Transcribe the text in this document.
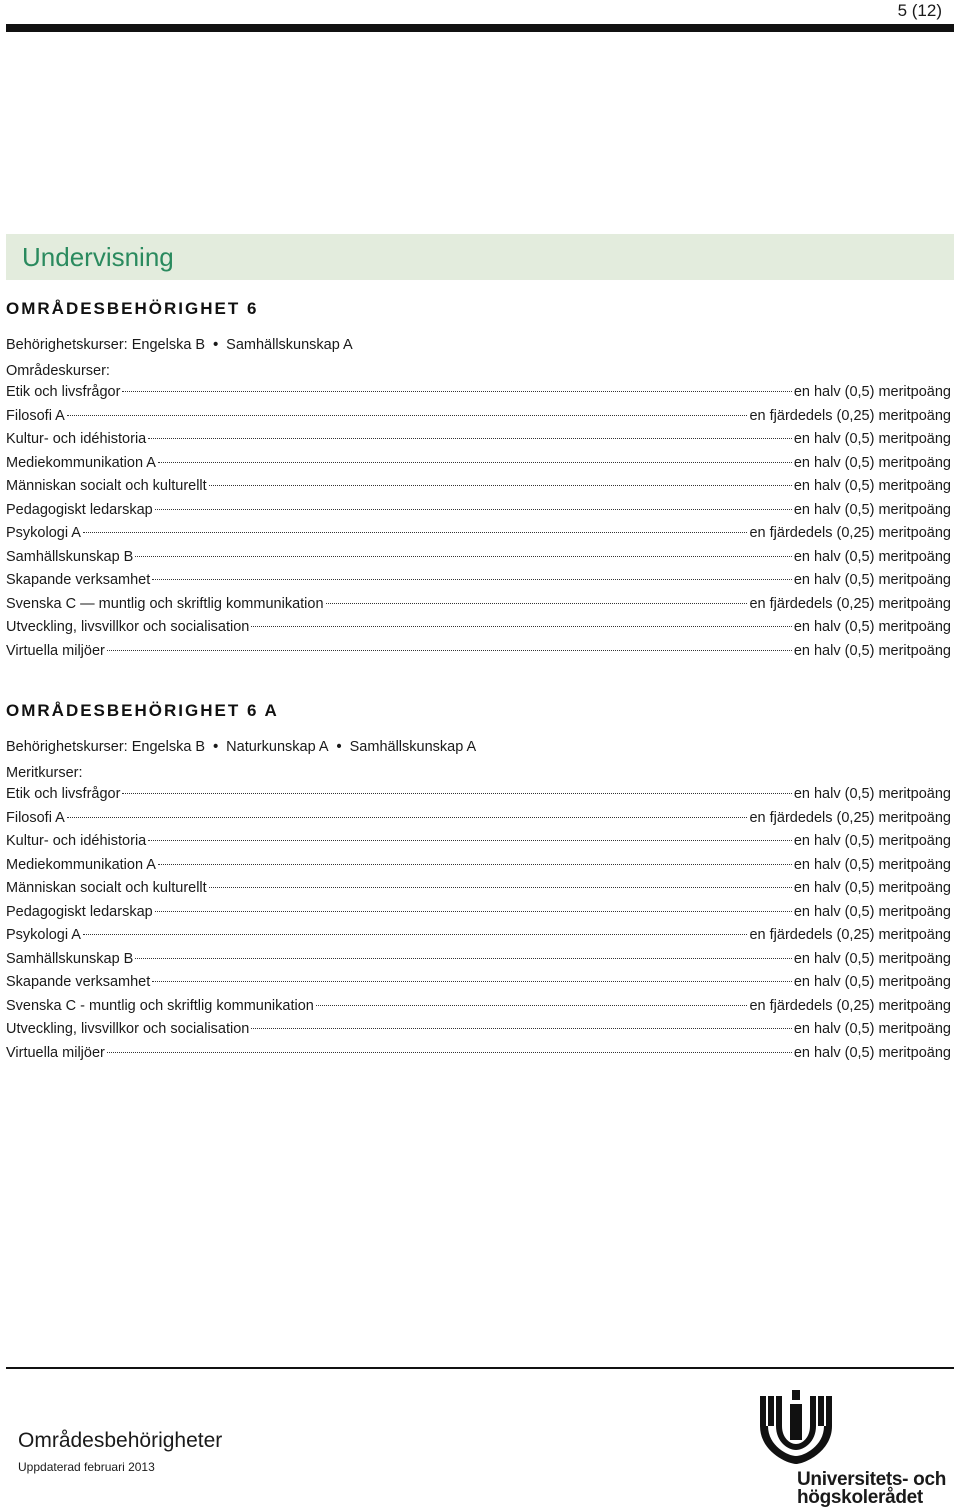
5 (12)
Undervisning
OMRÅDESBEHÖRIGHET 6
Behörighetskurser: Engelska B • Samhällskunskap A
Områdeskurser:
Etik och livsfrågor	en halv (0,5) meritpoäng
Filosofi A	en fjärdedels (0,25) meritpoäng
Kultur- och idéhistoria	en halv (0,5) meritpoäng
Mediekommunikation A	en halv (0,5) meritpoäng
Människan socialt och kulturellt	en halv (0,5) meritpoäng
Pedagogiskt ledarskap	en halv (0,5) meritpoäng
Psykologi A	en fjärdedels (0,25) meritpoäng
Samhällskunskap B	en halv (0,5) meritpoäng
Skapande verksamhet	en halv (0,5) meritpoäng
Svenska C — muntlig och skriftlig kommunikation	en fjärdedels (0,25) meritpoäng
Utveckling, livsvillkor och socialisation	en halv (0,5) meritpoäng
Virtuella miljöer	en halv (0,5) meritpoäng
OMRÅDESBEHÖRIGHET 6 A
Behörighetskurser: Engelska B • Naturkunskap A • Samhällskunskap A
Meritkurser:
Etik och livsfrågor	en halv (0,5) meritpoäng
Filosofi A	en fjärdedels (0,25) meritpoäng
Kultur- och idéhistoria	en halv (0,5) meritpoäng
Mediekommunikation A	en halv (0,5) meritpoäng
Människan socialt och kulturellt	en halv (0,5) meritpoäng
Pedagogiskt ledarskap	en halv (0,5) meritpoäng
Psykologi A	en fjärdedels (0,25) meritpoäng
Samhällskunskap B	en halv (0,5) meritpoäng
Skapande verksamhet	en halv (0,5) meritpoäng
Svenska C - muntlig och skriftlig kommunikation	en fjärdedels (0,25) meritpoäng
Utveckling, livsvillkor och socialisation	en halv (0,5) meritpoäng
Virtuella miljöer	en halv (0,5) meritpoäng
Områdesbehörigheter
Uppdaterad februari 2013
Universitets- och
högskolerådet
